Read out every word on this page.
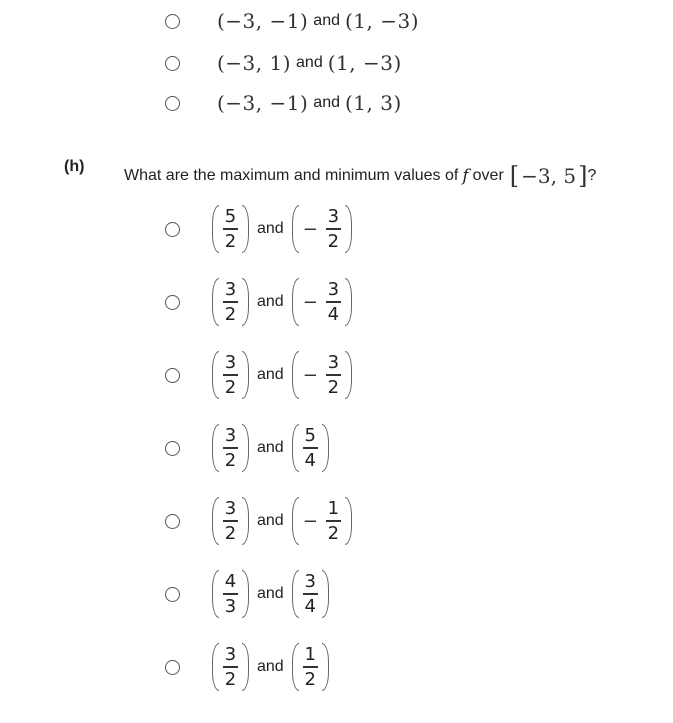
(−3, −1) and (1, −3)
(−3, 1) and (1, −3)
(−3, −1) and (1, 3)
(h)
What are the maximum and minimum values of f over [ −3, 5 ] ?
$\frac{5}{2}$ and − $\frac{3}{2}$
$\frac{3}{2}$ and − $\frac{3}{4}$
$\frac{3}{2}$ and − $\frac{3}{2}$
$\frac{3}{2}$ and $\frac{5}{4}$
$\frac{3}{2}$ and − $\frac{1}{2}$
$\frac{4}{3}$ and $\frac{3}{4}$
$\frac{3}{2}$ and $\frac{1}{2}$
